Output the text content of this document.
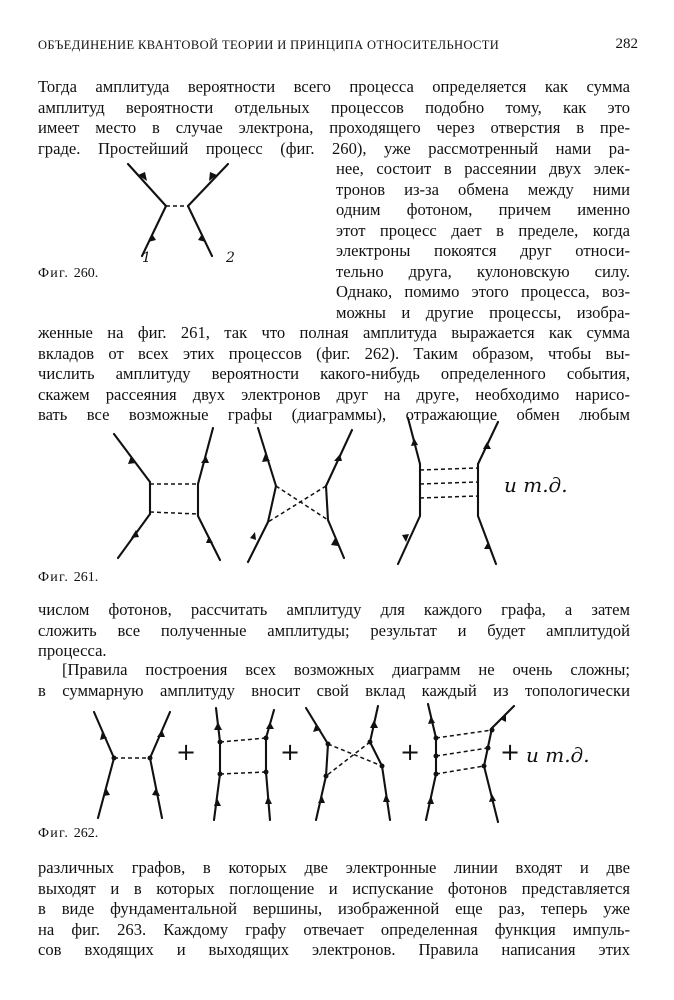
ОБЪЕДИНЕНИЕ КВАНТОВОЙ ТЕОРИИ И ПРИНЦИПА ОТНОСИТЕЛЬНОСТИ	282
Тогда амплитуда вероятности всего процесса определяется как сумма
амплитуд вероятности отдельных процессов подобно тому, как это
имеет место в случае электрона, проходящего через отверстия в пре-
граде. Простейший процесс (фиг. 260), уже рассмотренный нами ра-
нее, состоит в рассеянии двух элек-
тронов из-за обмена между ними
одним фотоном, причем именно
этот процесс дает в пределе, когда
электроны покоятся друг относи-
тельно друга, кулоновскую силу.
Однако, помимо этого процесса, воз-
можны и другие процессы, изобра-
женные на фиг. 261, так что полная амплитуда выражается как сумма
вкладов от всех этих процессов (фиг. 262). Таким образом, чтобы вы-
числить амплитуду вероятности какого-нибудь определенного события,
скажем рассеяния двух электронов друг на друге, необходимо нарисо-
вать все возможные графы (диаграммы), отражающие обмен любым
1	2
Фиг. 260.
и т.д.
Фиг. 261.
числом фотонов, рассчитать амплитуду для каждого графа, а затем
сложить все полученные амплитуды; результат и будет амплитудой
процесса.
[Правила построения всех возможных диаграмм не очень сложны;
в суммарную амплитуду вносит свой вклад каждый из топологически
+	+	+	+ и т.д.
Фиг. 262.
различных графов, в которых две электронные линии входят и две
выходят и в которых поглощение и испускание фотонов представляется
в виде фундаментальной вершины, изображенной еще раз, теперь уже
на фиг. 263. Каждому графу отвечает определенная функция импуль-
сов входящих и выходящих электронов. Правила написания этих
